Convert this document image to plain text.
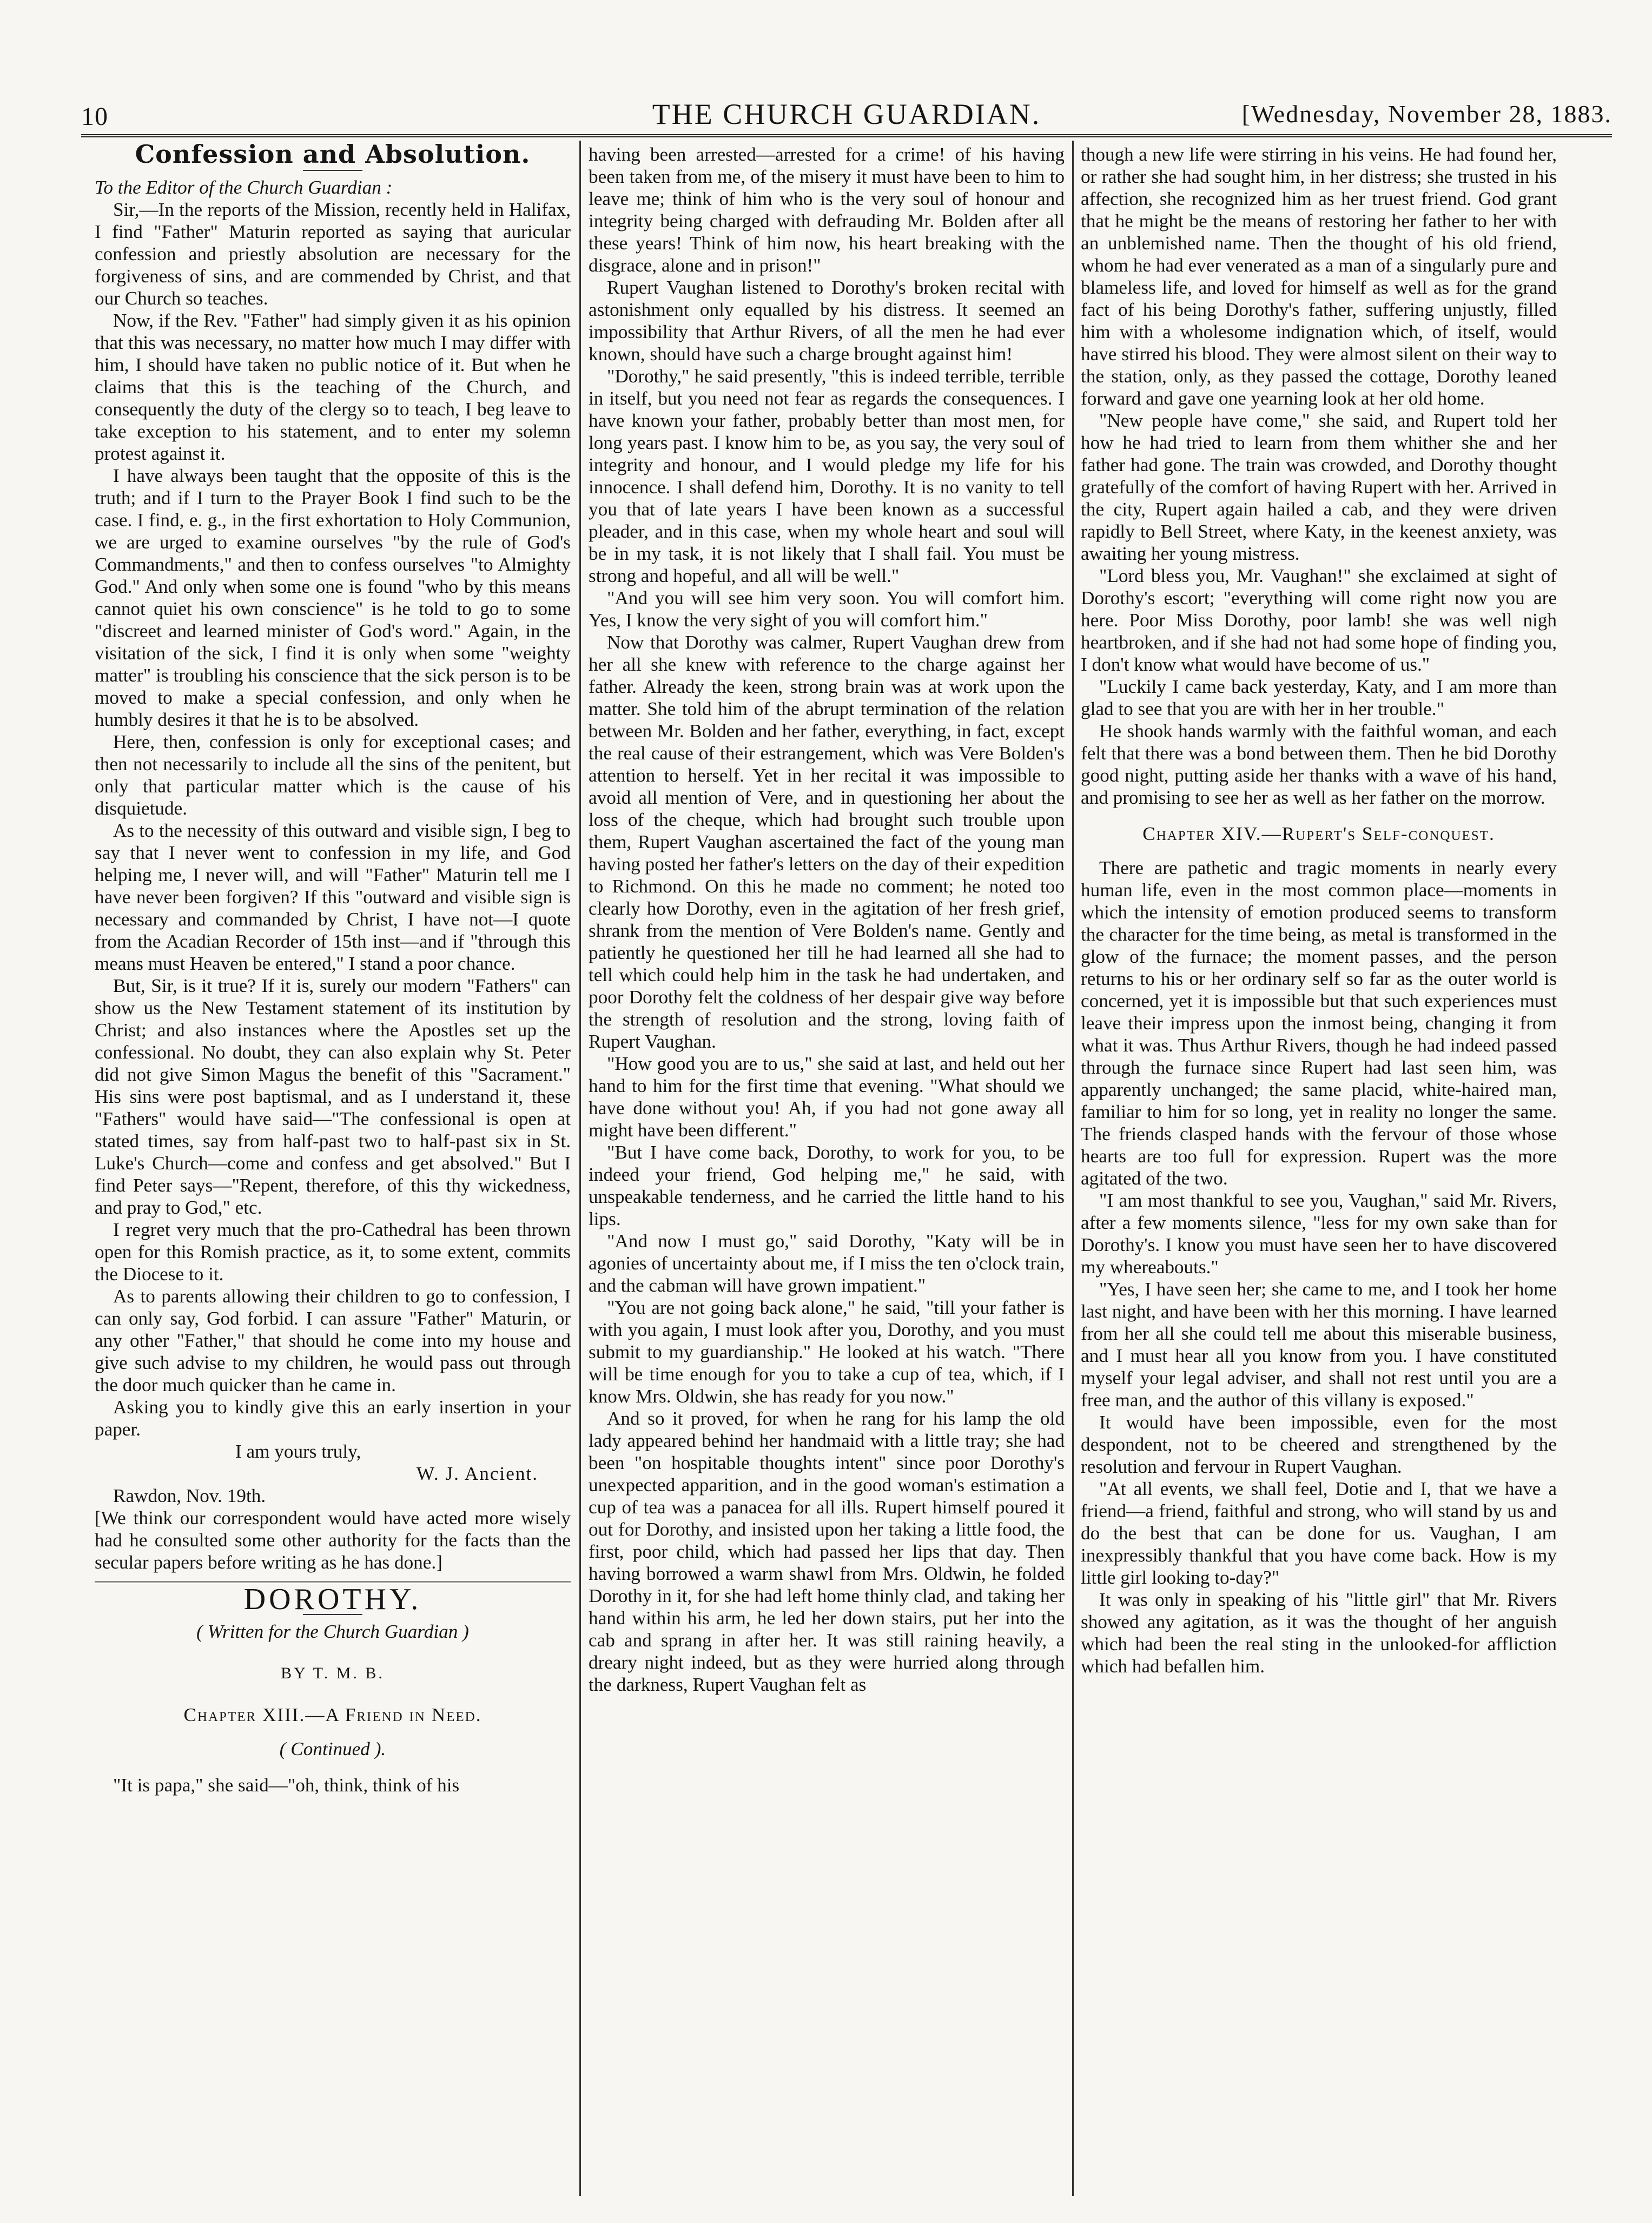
10	THE CHURCH GUARDIAN.	[Wednesday, November 28, 1883.

Confession and Absolution.

To the Editor of the Church Guardian :

Sir,—In the reports of the Mission, recently held in Halifax, I find "Father" Maturin reported as saying that auricular confession and priestly absolution are necessary for the forgiveness of sins, and are commended by Christ, and that our Church so teaches.

Now, if the Rev. "Father" had simply given it as his opinion that this was necessary, no matter how much I may differ with him, I should have taken no public notice of it. But when he claims that this is the teaching of the Church, and consequently the duty of the clergy so to teach, I beg leave to take exception to his statement, and to enter my solemn protest against it.

I have always been taught that the opposite of this is the truth; and if I turn to the Prayer Book I find such to be the case. I find, e. g., in the first exhortation to Holy Communion, we are urged to examine ourselves "by the rule of God's Commandments," and then to confess ourselves "to Almighty God." And only when some one is found "who by this means cannot quiet his own conscience" is he told to go to some "discreet and learned minister of God's word." Again, in the visitation of the sick, I find it is only when some "weighty matter" is troubling his conscience that the sick person is to be moved to make a special confession, and only when he humbly desires it that he is to be absolved.

Here, then, confession is only for exceptional cases; and then not necessarily to include all the sins of the penitent, but only that particular matter which is the cause of his disquietude.

As to the necessity of this outward and visible sign, I beg to say that I never went to confession in my life, and God helping me, I never will, and will "Father" Maturin tell me I have never been forgiven? If this "outward and visible sign is necessary and commanded by Christ, I have not—I quote from the Acadian Recorder of 15th inst—and if "through this means must Heaven be entered," I stand a poor chance.

But, Sir, is it true? If it is, surely our modern "Fathers" can show us the New Testament statement of its institution by Christ; and also instances where the Apostles set up the confessional. No doubt, they can also explain why St. Peter did not give Simon Magus the benefit of this "Sacrament." His sins were post baptismal, and as I understand it, these "Fathers" would have said—"The confessional is open at stated times, say from half-past two to half-past six in St. Luke's Church—come and confess and get absolved." But I find Peter says—"Repent, therefore, of this thy wickedness, and pray to God," etc.

I regret very much that the pro-Cathedral has been thrown open for this Romish practice, as it, to some extent, commits the Diocese to it.

As to parents allowing their children to go to confession, I can only say, God forbid. I can assure "Father" Maturin, or any other "Father," that should he come into my house and give such advise to my children, he would pass out through the door much quicker than he came in.

Asking you to kindly give this an early insertion in your paper.

I am yours truly,

W. J. Ancient.

Rawdon, Nov. 19th.

[We think our correspondent would have acted more wisely had he consulted some other authority for the facts than the secular papers before writing as he has done.]

DOROTHY.

( Written for the Church Guardian )

BY T. M. B.

Chapter XIII.—A Friend in Need.

( Continued ).

"It is papa," she said—"oh, think, think of his

having been arrested—arrested for a crime! of his having been taken from me, of the misery it must have been to him to leave me; think of him who is the very soul of honour and integrity being charged with defrauding Mr. Bolden after all these years! Think of him now, his heart breaking with the disgrace, alone and in prison!"

Rupert Vaughan listened to Dorothy's broken recital with astonishment only equalled by his distress. It seemed an impossibility that Arthur Rivers, of all the men he had ever known, should have such a charge brought against him!

"Dorothy," he said presently, "this is indeed terrible, terrible in itself, but you need not fear as regards the consequences. I have known your father, probably better than most men, for long years past. I know him to be, as you say, the very soul of integrity and honour, and I would pledge my life for his innocence. I shall defend him, Dorothy. It is no vanity to tell you that of late years I have been known as a successful pleader, and in this case, when my whole heart and soul will be in my task, it is not likely that I shall fail. You must be strong and hopeful, and all will be well."

"And you will see him very soon. You will comfort him. Yes, I know the very sight of you will comfort him."

Now that Dorothy was calmer, Rupert Vaughan drew from her all she knew with reference to the charge against her father. Already the keen, strong brain was at work upon the matter. She told him of the abrupt termination of the relation between Mr. Bolden and her father, everything, in fact, except the real cause of their estrangement, which was Vere Bolden's attention to herself. Yet in her recital it was impossible to avoid all mention of Vere, and in questioning her about the loss of the cheque, which had brought such trouble upon them, Rupert Vaughan ascertained the fact of the young man having posted her father's letters on the day of their expedition to Richmond. On this he made no comment; he noted too clearly how Dorothy, even in the agitation of her fresh grief, shrank from the mention of Vere Bolden's name. Gently and patiently he questioned her till he had learned all she had to tell which could help him in the task he had undertaken, and poor Dorothy felt the coldness of her despair give way before the strength of resolution and the strong, loving faith of Rupert Vaughan.

"How good you are to us," she said at last, and held out her hand to him for the first time that evening. "What should we have done without you! Ah, if you had not gone away all might have been different."

"But I have come back, Dorothy, to work for you, to be indeed your friend, God helping me," he said, with unspeakable tenderness, and he carried the little hand to his lips.

"And now I must go," said Dorothy, "Katy will be in agonies of uncertainty about me, if I miss the ten o'clock train, and the cabman will have grown impatient."

"You are not going back alone," he said, "till your father is with you again, I must look after you, Dorothy, and you must submit to my guardianship." He looked at his watch. "There will be time enough for you to take a cup of tea, which, if I know Mrs. Oldwin, she has ready for you now."

And so it proved, for when he rang for his lamp the old lady appeared behind her handmaid with a little tray; she had been "on hospitable thoughts intent" since poor Dorothy's unexpected apparition, and in the good woman's estimation a cup of tea was a panacea for all ills. Rupert himself poured it out for Dorothy, and insisted upon her taking a little food, the first, poor child, which had passed her lips that day. Then having borrowed a warm shawl from Mrs. Oldwin, he folded Dorothy in it, for she had left home thinly clad, and taking her hand within his arm, he led her down stairs, put her into the cab and sprang in after her. It was still raining heavily, a dreary night indeed, but as they were hurried along through the darkness, Rupert Vaughan felt as

though a new life were stirring in his veins. He had found her, or rather she had sought him, in her distress; she trusted in his affection, she recognized him as her truest friend. God grant that he might be the means of restoring her father to her with an unblemished name. Then the thought of his old friend, whom he had ever venerated as a man of a singularly pure and blameless life, and loved for himself as well as for the grand fact of his being Dorothy's father, suffering unjustly, filled him with a wholesome indignation which, of itself, would have stirred his blood. They were almost silent on their way to the station, only, as they passed the cottage, Dorothy leaned forward and gave one yearning look at her old home.

"New people have come," she said, and Rupert told her how he had tried to learn from them whither she and her father had gone. The train was crowded, and Dorothy thought gratefully of the comfort of having Rupert with her. Arrived in the city, Rupert again hailed a cab, and they were driven rapidly to Bell Street, where Katy, in the keenest anxiety, was awaiting her young mistress.

"Lord bless you, Mr. Vaughan!" she exclaimed at sight of Dorothy's escort; "everything will come right now you are here. Poor Miss Dorothy, poor lamb! she was well nigh heartbroken, and if she had not had some hope of finding you, I don't know what would have become of us."

"Luckily I came back yesterday, Katy, and I am more than glad to see that you are with her in her trouble."

He shook hands warmly with the faithful woman, and each felt that there was a bond between them. Then he bid Dorothy good night, putting aside her thanks with a wave of his hand, and promising to see her as well as her father on the morrow.

Chapter XIV.—Rupert's Self-conquest.

There are pathetic and tragic moments in nearly every human life, even in the most common place—moments in which the intensity of emotion produced seems to transform the character for the time being, as metal is transformed in the glow of the furnace; the moment passes, and the person returns to his or her ordinary self so far as the outer world is concerned, yet it is impossible but that such experiences must leave their impress upon the inmost being, changing it from what it was. Thus Arthur Rivers, though he had indeed passed through the furnace since Rupert had last seen him, was apparently unchanged; the same placid, white-haired man, familiar to him for so long, yet in reality no longer the same. The friends clasped hands with the fervour of those whose hearts are too full for expression. Rupert was the more agitated of the two.

"I am most thankful to see you, Vaughan," said Mr. Rivers, after a few moments silence, "less for my own sake than for Dorothy's. I know you must have seen her to have discovered my whereabouts."

"Yes, I have seen her; she came to me, and I took her home last night, and have been with her this morning. I have learned from her all she could tell me about this miserable business, and I must hear all you know from you. I have constituted myself your legal adviser, and shall not rest until you are a free man, and the author of this villany is exposed."

It would have been impossible, even for the most despondent, not to be cheered and strengthened by the resolution and fervour in Rupert Vaughan.

"At all events, we shall feel, Dotie and I, that we have a friend—a friend, faithful and strong, who will stand by us and do the best that can be done for us. Vaughan, I am inexpressibly thankful that you have come back. How is my little girl looking to-day?"

It was only in speaking of his "little girl" that Mr. Rivers showed any agitation, as it was the thought of her anguish which had been the real sting in the unlooked-for affliction which had befallen him.
